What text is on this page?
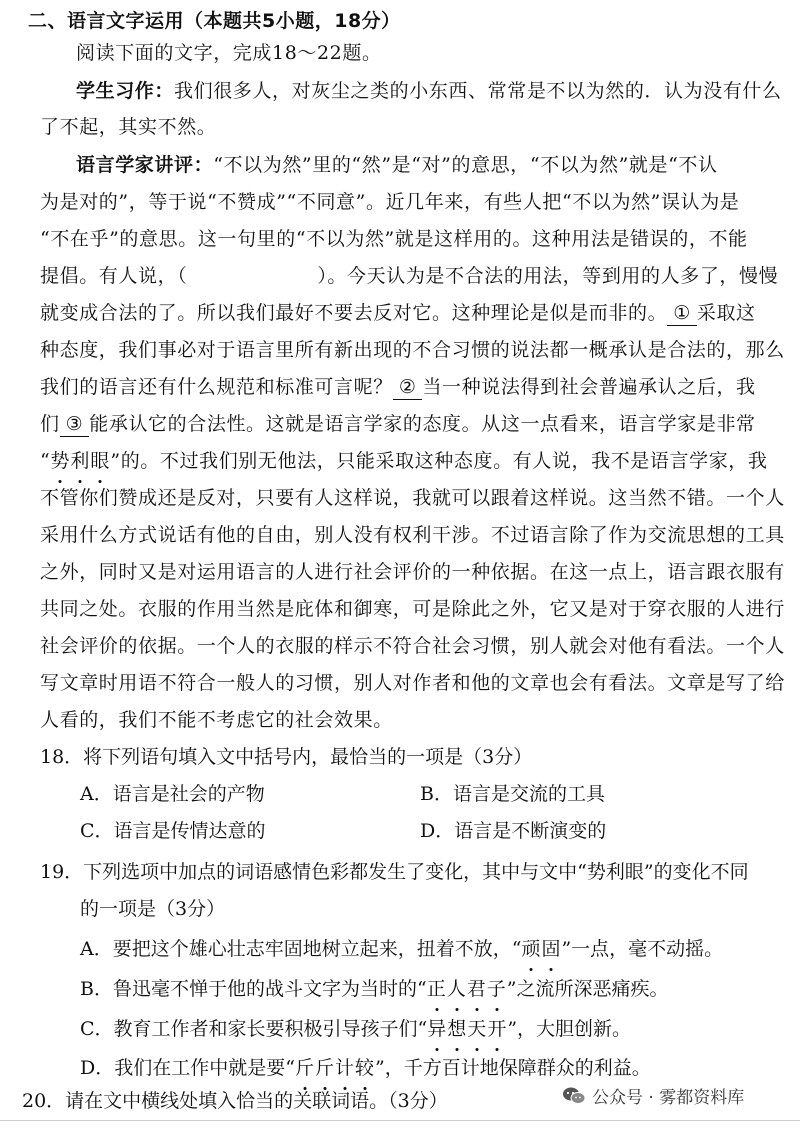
二、语言文字运用（本题共5小题，18分）
阅读下面的文字，完成18～22题。
学生习作：我们很多人，对灰尘之类的小东西、常常是不以为然的．认为没有什么
了不起，其实不然。
语言学家讲评：“不以为然”里的“然”是“对”的意思，“不以为然”就是“不认
为是对的”，等于说“不赞成”“不同意”。近几年来，有些人把“不以为然”误认为是
“不在乎”的意思。这一句里的“不以为然”就是这样用的。这种用法是错误的，不能
提倡。有人说，（	）。今天认为是不合法的用法，等到用的人多了，慢慢
就变成合法的了。所以我们最好不要去反对它。这种理论是似是而非的。 ① 采取这
种态度，我们事必对于语言里所有新出现的不合习惯的说法都一概承认是合法的，那么
我们的语言还有什么规范和标准可言呢？ ② 当一种说法得到社会普遍承认之后，我
们 ③ 能承认它的合法性。这就是语言学家的态度。从这一点看来，语言学家是非常
“势利眼”的。不过我们别无他法，只能采取这种态度。有人说，我不是语言学家，我
不管你们赞成还是反对，只要有人这样说，我就可以跟着这样说。这当然不错。一个人
采用什么方式说话有他的自由，别人没有权利干涉。不过语言除了作为交流思想的工具
之外，同时又是对运用语言的人进行社会评价的一种依据。在这一点上，语言跟衣服有
共同之处。衣服的作用当然是庇体和御寒，可是除此之外，它又是对于穿衣服的人进行
社会评价的依据。一个人的衣服的样示不符合社会习惯，别人就会对他有看法。一个人
写文章时用语不符合一般人的习惯，别人对作者和他的文章也会有看法。文章是写了给
人看的，我们不能不考虑它的社会效果。
18．将下列语句填入文中括号内，最恰当的一项是（3分）
A．语言是社会的产物	B．语言是交流的工具
C．语言是传情达意的	D．语言是不断演变的
19．下列选项中加点的词语感情色彩都发生了变化，其中与文中“势利眼”的变化不同
的一项是（3分）
A．要把这个雄心壮志牢固地树立起来，扭着不放，“顽固”一点，毫不动摇。
B．鲁迅毫不惮于他的战斗文字为当时的“正人君子”之流所深恶痛疾。
C．教育工作者和家长要积极引导孩子们“异想天开”，大胆创新。
D．我们在工作中就是要“斤斤计较”，千方百计地保障群众的利益。
20．请在文中横线处填入恰当的关联词语。（3分）	公众号 · 雾都资料库
